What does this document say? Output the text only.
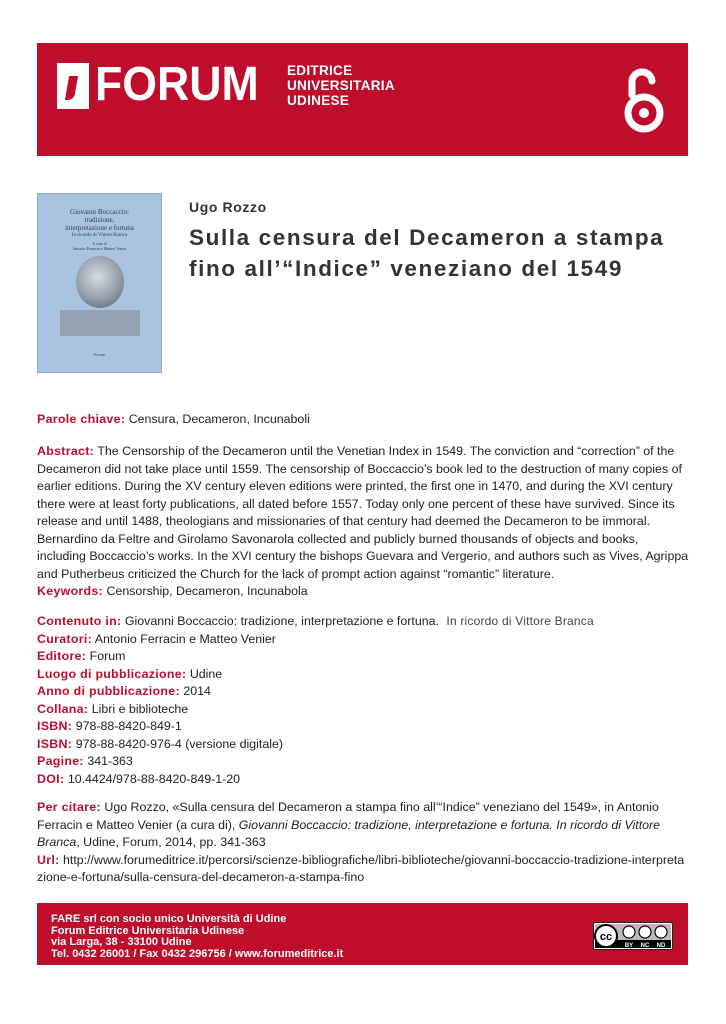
FORUM EDITRICE
UNIVERSITARIA
UDINESE
Giovanni Boccaccio:
tradizione,
interpretazione e fortuna
In ricordo di Vittore Branca
A cura di
Antonio Ferracin e Matteo Venier
Forum
Ugo Rozzo
Sulla censura del Decameron a stampa
fino all’“Indice” veneziano del 1549
Parole chiave: Censura, Decameron, Incunaboli
Abstract: The Censorship of the Decameron until the Venetian Index in 1549. The conviction and “correction” of the Decameron did not take place until 1559. The censorship of Boccaccio’s book led to the destruction of many copies of earlier editions. During the XV century eleven editions were printed, the first one in 1470, and during the XVI century there were at least forty publications, all dated before 1557. Today only one percent of these have survived. Since its release and until 1488, theologians and missionaries of that century had deemed the Decameron to be immoral. Bernardino da Feltre and Girolamo Savonarola collected and publicly burned thousands of objects and books, including Boccaccio’s works. In the XVI century the bishops Guevara and Vergerio, and authors such as Vives, Agrippa and Putherbeus criticized the Church for the lack of prompt action against “romantic” literature.
Keywords: Censorship, Decameron, Incunabola
Contenuto in: Giovanni Boccaccio: tradizione, interpretazione e fortuna. In ricordo di Vittore Branca
Curatori: Antonio Ferracin e Matteo Venier
Editore: Forum
Luogo di pubblicazione: Udine
Anno di pubblicazione: 2014
Collana: Libri e biblioteche
ISBN: 978-88-8420-849-1
ISBN: 978-88-8420-976-4 (versione digitale)
Pagine: 341-363
DOI: 10.4424/978-88-8420-849-1-20
Per citare: Ugo Rozzo, «Sulla censura del Decameron a stampa fino all’“Indice” veneziano del 1549», in Antonio Ferracin e Matteo Venier (a cura di), Giovanni Boccaccio: tradizione, interpretazione e fortuna. In ricordo di Vittore Branca, Udine, Forum, 2014, pp. 341-363
Url: http://www.forumeditrice.it/percorsi/scienze-bibliografiche/libri-biblioteche/giovanni-boccaccio-tradizione-interpretazione-e-fortuna/sulla-censura-del-decameron-a-stampa-fino
FARE srl con socio unico Università di Udine
Forum Editrice Universitaria Udinese
via Larga, 38 - 33100 Udine
Tel. 0432 26001 / Fax 0432 296756 / www.forumeditrice.it
cc
BY NC ND
